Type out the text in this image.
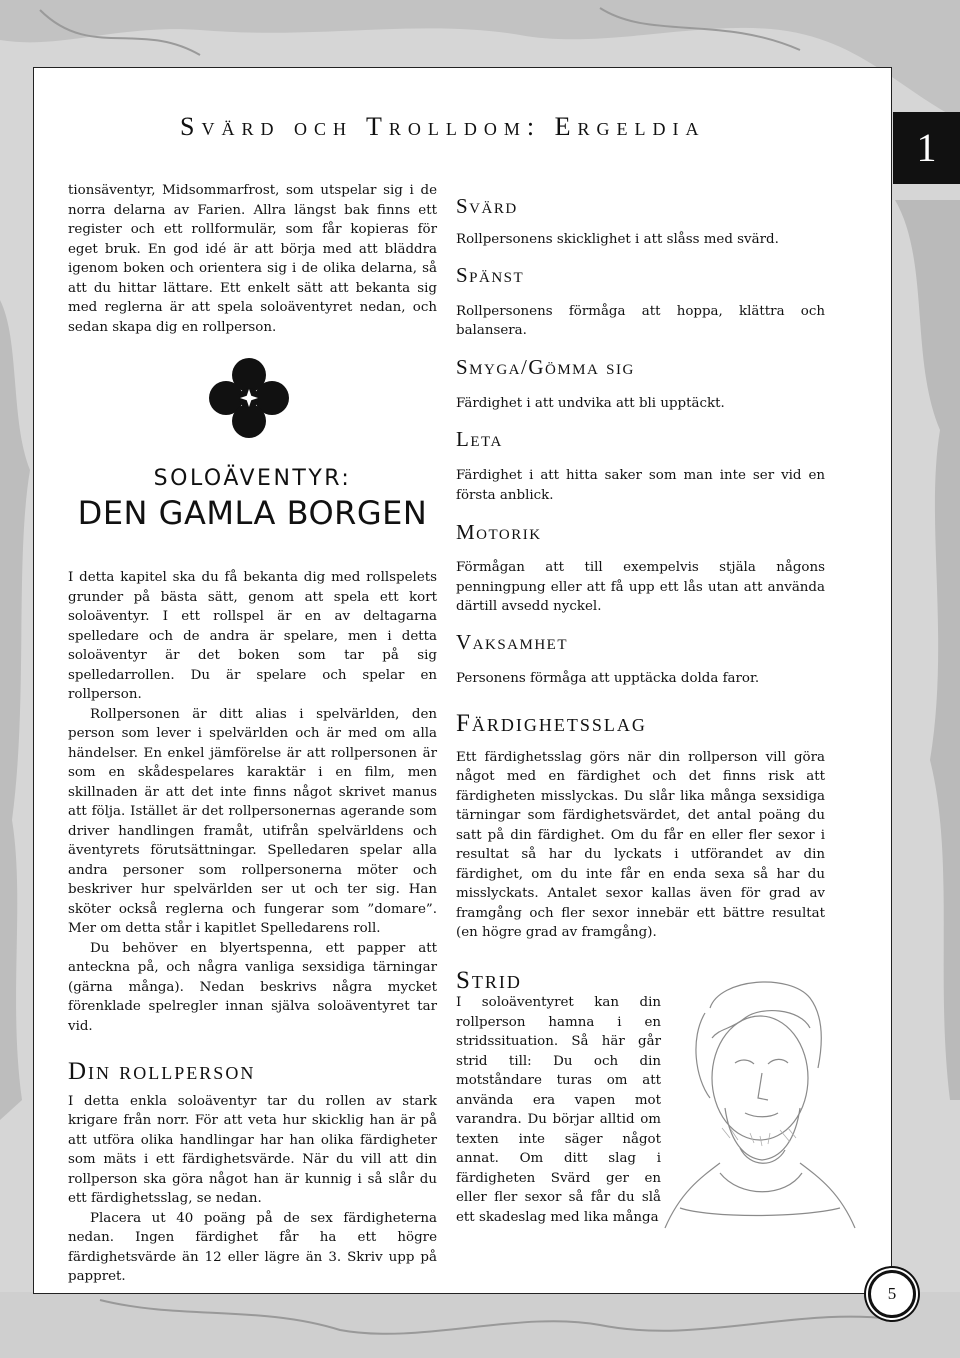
Svärd och Trolldom: Ergeldia	1

tionsäventyr, Midsommarfrost, som utspelar sig i de norra delarna av Farien. Allra längst bak finns ett register och ett rollformulär, som får kopieras för eget bruk. En god idé är att börja med att bläddra igenom boken och orientera sig i de olika delarna, så att du hittar lättare. Ett enkelt sätt att bekanta sig med reglerna är att spela soloäventyret nedan, och sedan skapa dig en rollperson.

SOLOÄVENTYR:
DEN GAMLA BORGEN

I detta kapitel ska du få bekanta dig med rollspelets grunder på bästa sätt, genom att spela ett kort soloäventyr. I ett rollspel är en av deltagarna spelledare och de andra är spelare, men i detta soloäventyr är det boken som tar på sig spelledarrollen. Du är spelare och spelar en rollperson.

Rollpersonen är ditt alias i spelvärlden, den person som lever i spelvärlden och är med om alla händelser. En enkel jämförelse är att rollpersonen är som en skådespelares karaktär i en film, men skillnaden är att det inte finns något skrivet manus att följa. Istället är det rollpersonernas agerande som driver handlingen framåt, utifrån spelvärldens och äventyrets förutsättningar. Spelledaren spelar alla andra personer som rollpersonerna möter och beskriver hur spelvärlden ser ut och ter sig. Han sköter också reglerna och fungerar som ”domare”. Mer om detta står i kapitlet Spelledarens roll.

Du behöver en blyertspenna, ett papper att anteckna på, och några vanliga sexsidiga tärningar (gärna många). Nedan beskrivs några mycket förenklade spelregler innan själva soloäventyret tar vid.

Din rollperson

I detta enkla soloäventyr tar du rollen av stark krigare från norr. För att veta hur skicklig han är på att utföra olika handlingar har han olika färdigheter som mäts i ett färdighetsvärde. När du vill att din rollperson ska göra något han är kunnig i så slår du ett färdighetsslag, se nedan.

Placera ut 40 poäng på de sex färdigheterna nedan. Ingen färdighet får ha ett högre färdighetsvärde än 12 eller lägre än 3. Skriv upp på pappret.

Svärd

Rollpersonens skicklighet i att slåss med svärd.

Spänst

Rollpersonens förmåga att hoppa, klättra och balansera.

Smyga/Gömma sig

Färdighet i att undvika att bli upptäckt.

Leta

Färdighet i att hitta saker som man inte ser vid en första anblick.

Motorik

Förmågan att till exempelvis stjäla någons penningpung eller att få upp ett lås utan att använda därtill avsedd nyckel.

Vaksamhet

Personens förmåga att upptäcka dolda faror.

Färdighetsslag

Ett färdighetsslag görs när din rollperson vill göra något med en färdighet och det finns risk att färdigheten misslyckas. Du slår lika många sexsidiga tärningar som färdighetsvärdet, det antal poäng du satt på din färdighet. Om du får en eller fler sexor i resultat så har du lyckats i utförandet av din färdighet, om du inte får en enda sexa så har du misslyckats. Antalet sexor kallas även för grad av framgång och fler sexor innebär ett bättre resultat (en högre grad av framgång).

Strid

I soloäventyret kan din rollperson hamna i en stridssituation. Så här går strid till: Du och din motståndare turas om att använda era vapen mot varandra. Du börjar alltid om texten inte säger något annat. Om ditt slag i färdigheten Svärd ger en eller fler sexor så får du slå ett skadeslag med lika många

5
